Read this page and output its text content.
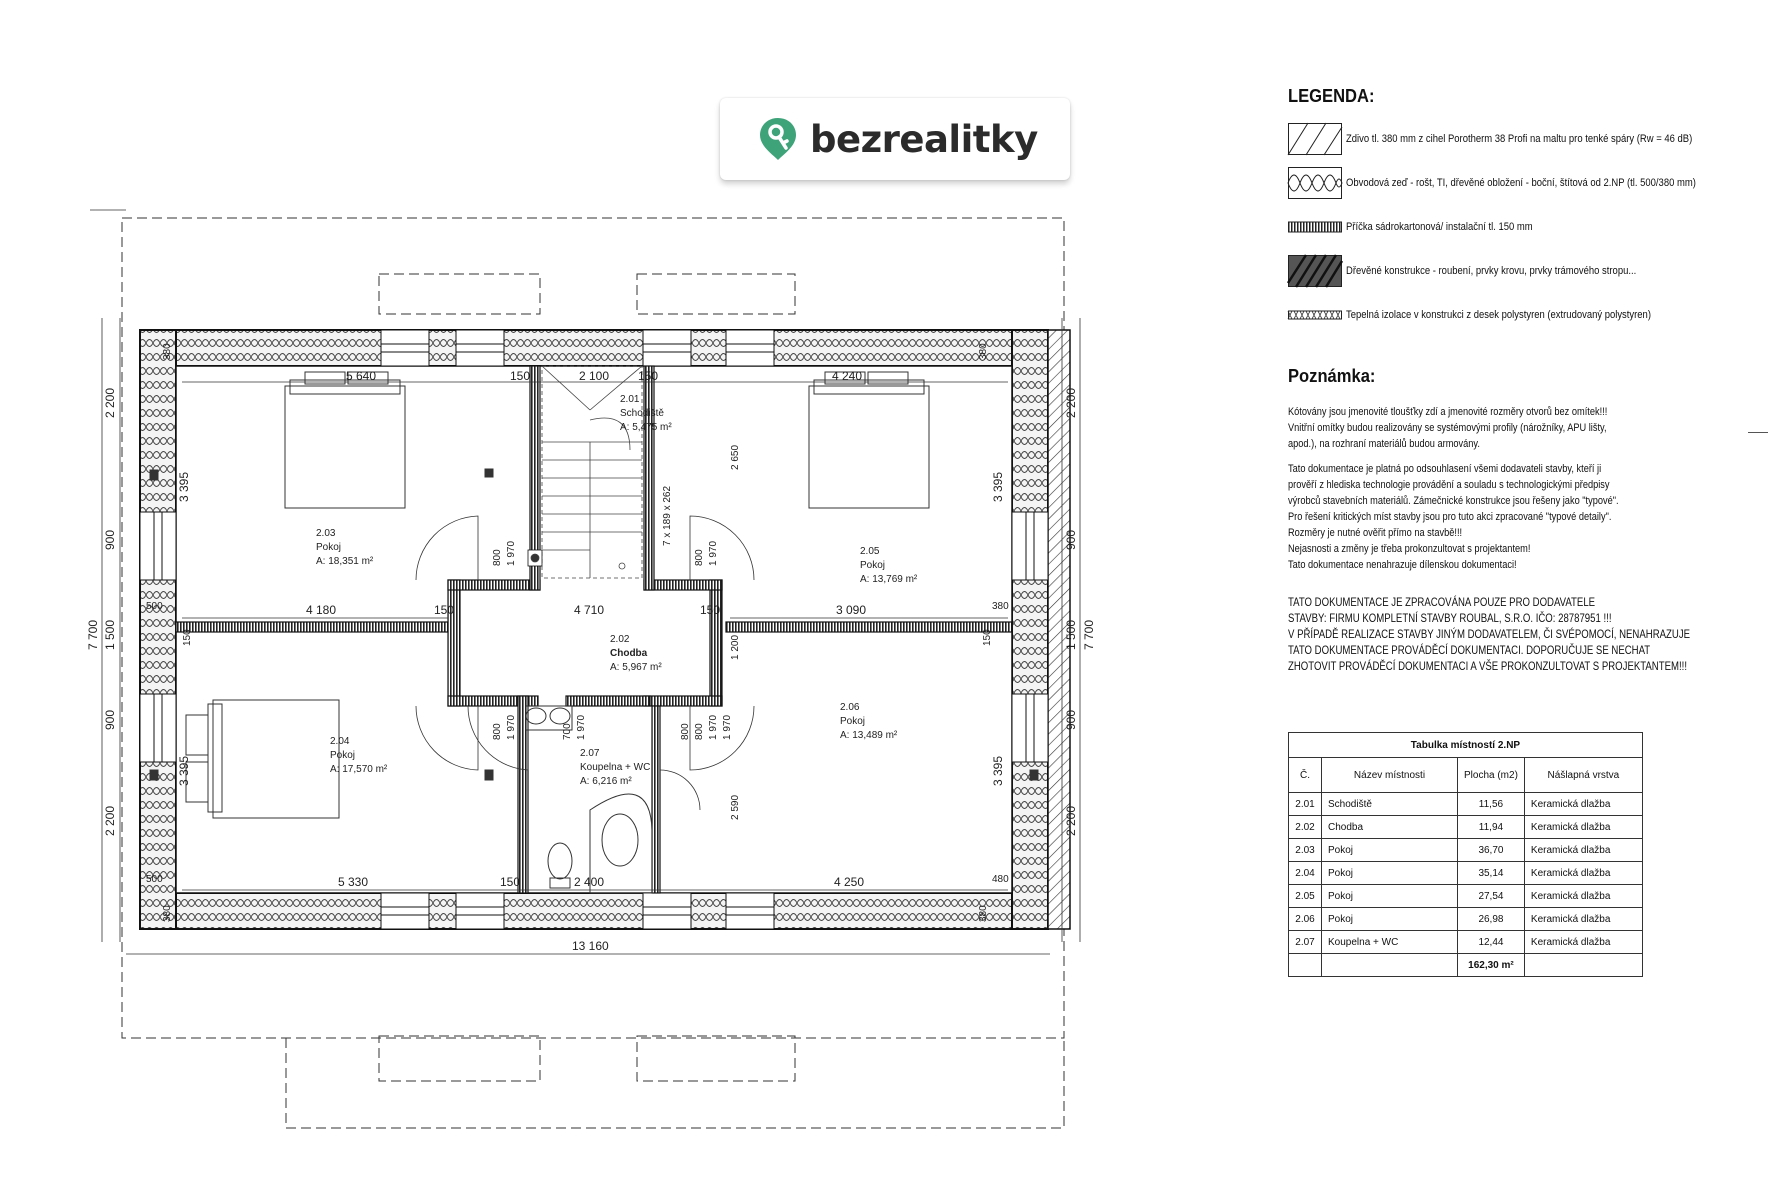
bezrealitky
5 640	150	2 100 150	4 240
4 180	150	4 710	150	3 090
5 330	150	2 400	4 250
13 160
2 200
900
1 500
900
2 200
7 700
2 200
900
1 500
900
2 200
7 700
380
380
380
380
500
500	480
380
150	150
3 395
3 395
3 395
3 395
800 1 970
800 1 970	700 1 970
800 1 970
800 1 970
800	1 970
2 650
2 590
1 200
7 x 189 x 262
2.01
Schodiště
A: 5,475 m²
2.02
Chodba
A: 5,967 m²
2.03
Pokoj
A: 18,351 m²
2.04
Pokoj
A: 17,570 m²
2.05
Pokoj
A: 13,769 m²
2.06
Pokoj
A: 13,489 m²
2.07
Koupelna + WC
A: 6,216 m²
LEGENDA:
Zdivo tl. 380 mm z cihel Porotherm 38 Profi na maltu pro tenké spáry (Rw = 46 dB)
Obvodová zeď - rošt, TI, dřevěné obložení - boční, štítová od 2.NP (tl. 500/380 mm)
Příčka sádrokartonová/ instalační tl. 150 mm
Dřevěné konstrukce - roubení, prvky krovu, prvky trámového stropu...
Tepelná izolace v konstrukci z desek polystyren (extrudovaný polystyren)
Poznámka:
Kótovány jsou jmenovité tloušťky zdí a jmenovité rozměry otvorů bez omítek!!!
Vnitřní omítky budou realizovány se systémovými profily (nárožníky, APU lišty,
apod.), na rozhraní materiálů budou armovány.
Tato dokumentace je platná po odsouhlasení všemi dodavateli stavby, kteří ji
prověří z hlediska technologie provádění a souladu s technologickými předpisy
výrobců stavebních materiálů. Zámečnické konstrukce jsou řešeny jako "typové".
Pro řešení kritických míst stavby jsou pro tuto akci zpracované "typové detaily".
Rozměry je nutné ověřit přímo na stavbě!!!
Nejasnosti a změny je třeba prokonzultovat s projektantem!
Tato dokumentace nenahrazuje dílenskou dokumentaci!
TATO DOKUMENTACE JE ZPRACOVÁNA POUZE PRO DODAVATELE
STAVBY: FIRMU KOMPLETNÍ STAVBY ROUBAL, S.R.O. IČO: 28787951 !!!
V PŘÍPADĚ REALIZACE STAVBY JINÝM DODAVATELEM, ČI SVÉPOMOCÍ, NENAHRAZUJE
TATO DOKUMENTACE PROVÁDĚCÍ DOKUMENTACI. DOPORUČUJE SE NECHAT
ZHOTOVIT PROVÁDĚCÍ DOKUMENTACI A VŠE PROKONZULTOVAT S PROJEKTANTEM!!!
Tabulka místností 2.NP			
Č.	Název místnosti	Plocha (m2)	Nášlapná vrstva
2.01	Schodiště	11,56	Keramická dlažba
2.02	Chodba	11,94	Keramická dlažba
2.03	Pokoj	36,70	Keramická dlažba
2.04	Pokoj	35,14	Keramická dlažba
2.05	Pokoj	27,54	Keramická dlažba
2.06	Pokoj	26,98	Keramická dlažba
2.07	Koupelna + WC	12,44	Keramická dlažba
		162,30 m²	
